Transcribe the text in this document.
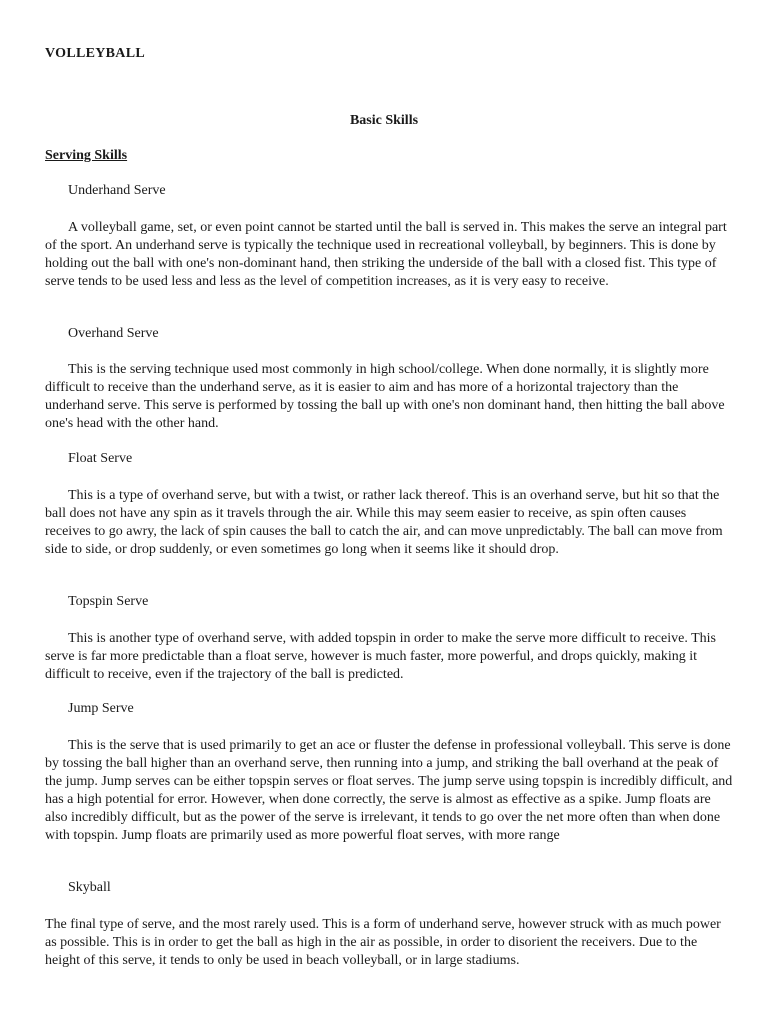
VOLLEYBALL
Basic Skills
Serving Skills
Underhand Serve

A volleyball game, set, or even point cannot be started until the ball is served in. This makes the serve an integral part of the sport. An underhand serve is typically the technique used in recreational volleyball, by beginners. This is done by holding out the ball with one's non-dominant hand, then striking the underside of the ball with a closed fist. This type of serve tends to be used less and less as the level of competition increases, as it is very easy to receive.

Overhand Serve

This is the serving technique used most commonly in high school/college. When done normally, it is slightly more difficult to receive than the underhand serve, as it is easier to aim and has more of a horizontal trajectory than the underhand serve. This serve is performed by tossing the ball up with one's non dominant hand, then hitting the ball above one's head with the other hand.

Float Serve

This is a type of overhand serve, but with a twist, or rather lack thereof. This is an overhand serve, but hit so that the ball does not have any spin as it travels through the air. While this may seem easier to receive, as spin often causes receives to go awry, the lack of spin causes the ball to catch the air, and can move unpredictably. The ball can move from side to side, or drop suddenly, or even sometimes go long when it seems like it should drop.

Topspin Serve

This is another type of overhand serve, with added topspin in order to make the serve more difficult to receive. This serve is far more predictable than a float serve, however is much faster, more powerful, and drops quickly, making it difficult to receive, even if the trajectory of the ball is predicted.

Jump Serve

This is the serve that is used primarily to get an ace or fluster the defense in professional volleyball. This serve is done by tossing the ball higher than an overhand serve, then running into a jump, and striking the ball overhand at the peak of the jump. Jump serves can be either topspin serves or float serves. The jump serve using topspin is incredibly difficult, and has a high potential for error. However, when done correctly, the serve is almost as effective as a spike. Jump floats are also incredibly difficult, but as the power of the serve is irrelevant, it tends to go over the net more often than when done with topspin. Jump floats are primarily used as more powerful float serves, with more range

Skyball

The final type of serve, and the most rarely used. This is a form of underhand serve, however struck with as much power as possible. This is in order to get the ball as high in the air as possible, in order to disorient the receivers. Due to the height of this serve, it tends to only be used in beach volleyball, or in large stadiums.
